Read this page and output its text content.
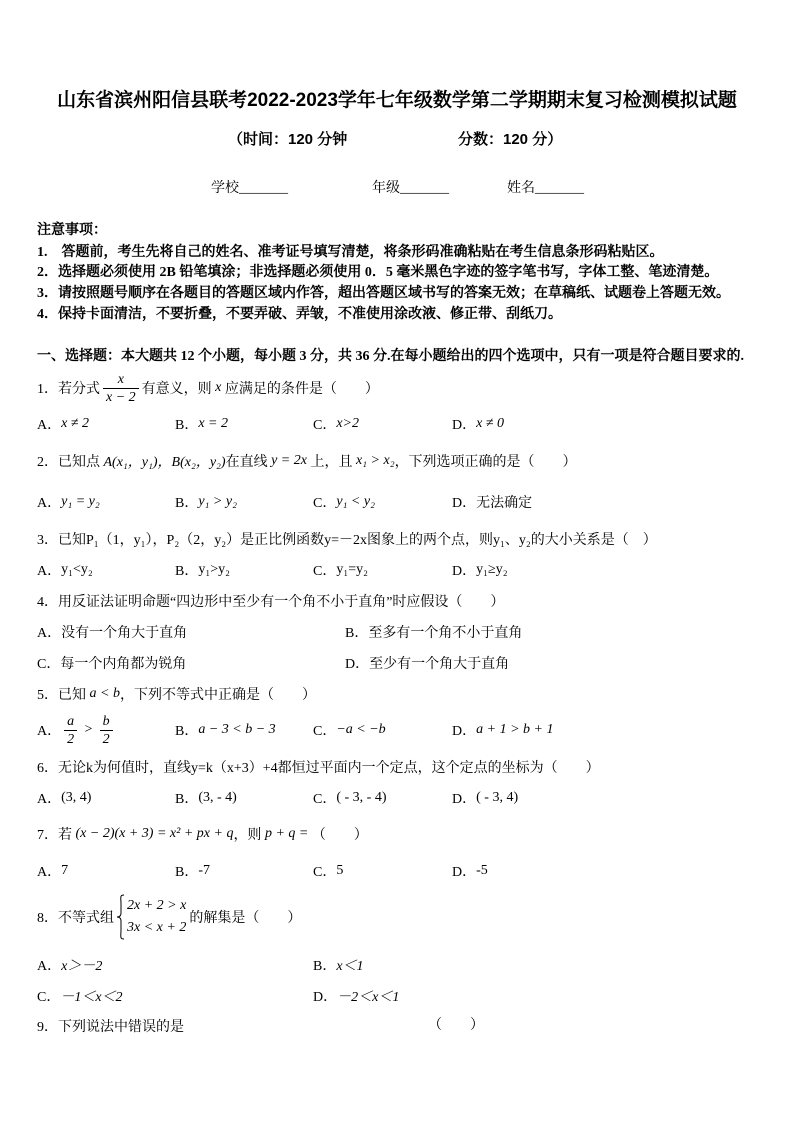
山东省滨州阳信县联考2022-2023学年七年级数学第二学期期末复习检测模拟试题
（时间：120 分钟	分数：120 分）
学校_______	年级_______	姓名_______
注意事项：
1.　答题前，考生先将自己的姓名、准考证号填写清楚，将条形码准确粘贴在考生信息条形码粘贴区。
2．选择题必须使用 2B 铅笔填涂；非选择题必须使用 0．5 毫米黑色字迹的签字笔书写，字体工整、笔迹清楚。
3．请按照题号顺序在各题目的答题区域内作答，超出答题区域书写的答案无效；在草稿纸、试题卷上答题无效。
4．保持卡面清洁，不要折叠，不要弄破、弄皱，不准使用涂改液、修正带、刮纸刀。
一、选择题：本大题共 12 个小题，每小题 3 分，共 36 分.在每小题给出的四个选项中，只有一项是符合题目要求的.
1． 若分式 $\frac{x}{x - 2}$ 有意义，则 x 应满足的条件是（　　）
A． x ≠ 2	B． x = 2	C． x>2	D． x ≠ 0
2． 已知点 A(x₁，y₁)，B(x₂，y₂) 在直线 y = 2x 上，且 x₁ > x₂ ，下列选项正确的是（　　）
A． y₁ = y₂	B． y₁ > y₂	C． y₁ < y₂	D． 无法确定
3．已知P₁（1，y₁），P₂（2，y₂）是正比例函数y=－2x图象上的两个点，则y₁、y₂的大小关系是（　）
A． y₁<y₂	B． y₁>y₂	C． y₁=y₂	D． y₁≥y₂
4．用反证法证明命题“四边形中至少有一个角不小于直角”时应假设（　　）
A． 没有一个角大于直角	B． 至多有一个角不小于直角
C． 每一个内角都为锐角	D． 至少有一个角大于直角
5． 已知 a < b ，下列不等式中正确是（　　）
A． $\frac{a}{2} > \frac{b}{2}$	B． a − 3 < b − 3	C． −a < −b	D． a + 1 > b + 1
6．无论k为何值时，直线y=k（x+3）+4都恒过平面内一个定点，这个定点的坐标为（　　）
A． (3, 4)	B． (3, - 4)	C． ( - 3, - 4)	D． ( - 3, 4)
7． 若 (x − 2)(x + 3) = x² + px + q ，则 p + q = （　　）
A． 7	B． -7	C． 5	D． -5
8． 不等式组
2x + 2 > x
3x < x + 2
的解集是（　　）
A． x＞－2	B． x＜1
C． －1＜x＜2	D． －2＜x＜1
9．下列说法中错误的是	（　　）
